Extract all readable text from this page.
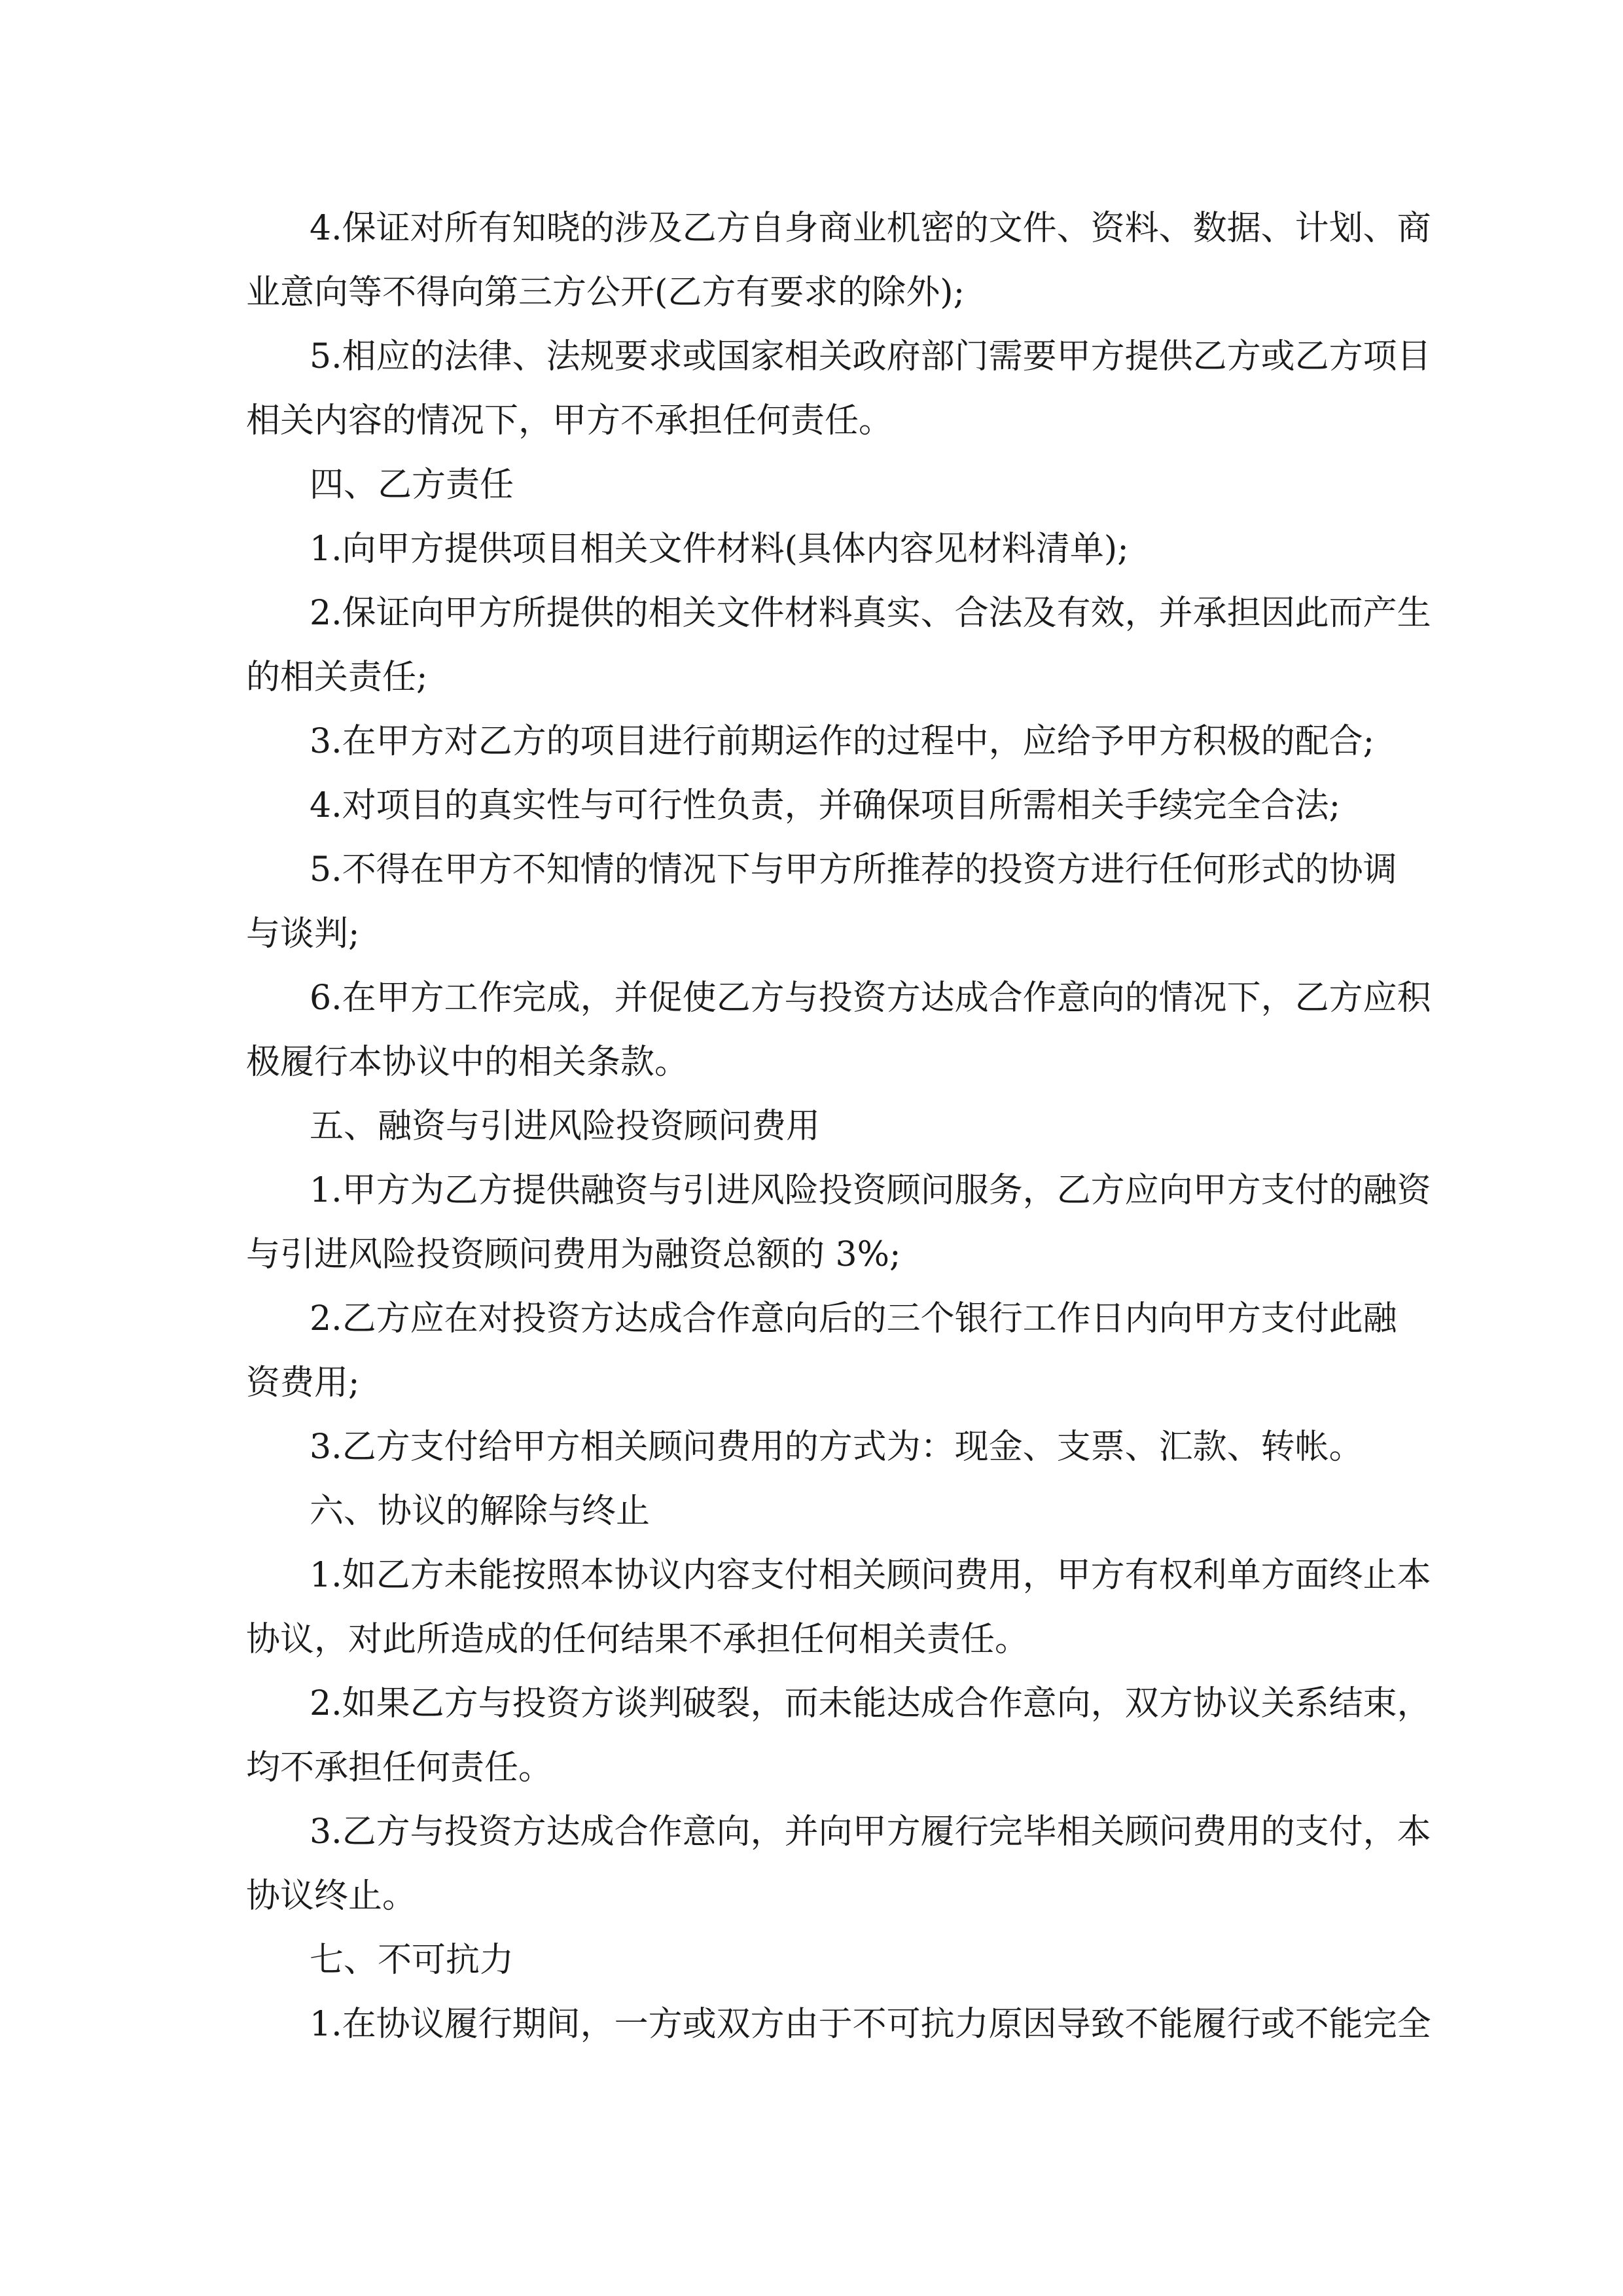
4.保证对所有知晓的涉及乙方自身商业机密的文件、资料、数据、计划、商
业意向等不得向第三方公开(乙方有要求的除外);
5.相应的法律、法规要求或国家相关政府部门需要甲方提供乙方或乙方项目
相关内容的情况下，甲方不承担任何责任。
四、乙方责任
1.向甲方提供项目相关文件材料(具体内容见材料清单);
2.保证向甲方所提供的相关文件材料真实、合法及有效，并承担因此而产生
的相关责任;
3.在甲方对乙方的项目进行前期运作的过程中，应给予甲方积极的配合;
4.对项目的真实性与可行性负责，并确保项目所需相关手续完全合法;
5.不得在甲方不知情的情况下与甲方所推荐的投资方进行任何形式的协调
与谈判;
6.在甲方工作完成，并促使乙方与投资方达成合作意向的情况下，乙方应积
极履行本协议中的相关条款。
五、融资与引进风险投资顾问费用
1.甲方为乙方提供融资与引进风险投资顾问服务，乙方应向甲方支付的融资
与引进风险投资顾问费用为融资总额的 3%;
2.乙方应在对投资方达成合作意向后的三个银行工作日内向甲方支付此融
资费用;
3.乙方支付给甲方相关顾问费用的方式为：现金、支票、汇款、转帐。
六、协议的解除与终止
1.如乙方未能按照本协议内容支付相关顾问费用，甲方有权利单方面终止本
协议，对此所造成的任何结果不承担任何相关责任。
2.如果乙方与投资方谈判破裂，而未能达成合作意向，双方协议关系结束，
均不承担任何责任。
3.乙方与投资方达成合作意向，并向甲方履行完毕相关顾问费用的支付，本
协议终止。
七、不可抗力
1.在协议履行期间，一方或双方由于不可抗力原因导致不能履行或不能完全
